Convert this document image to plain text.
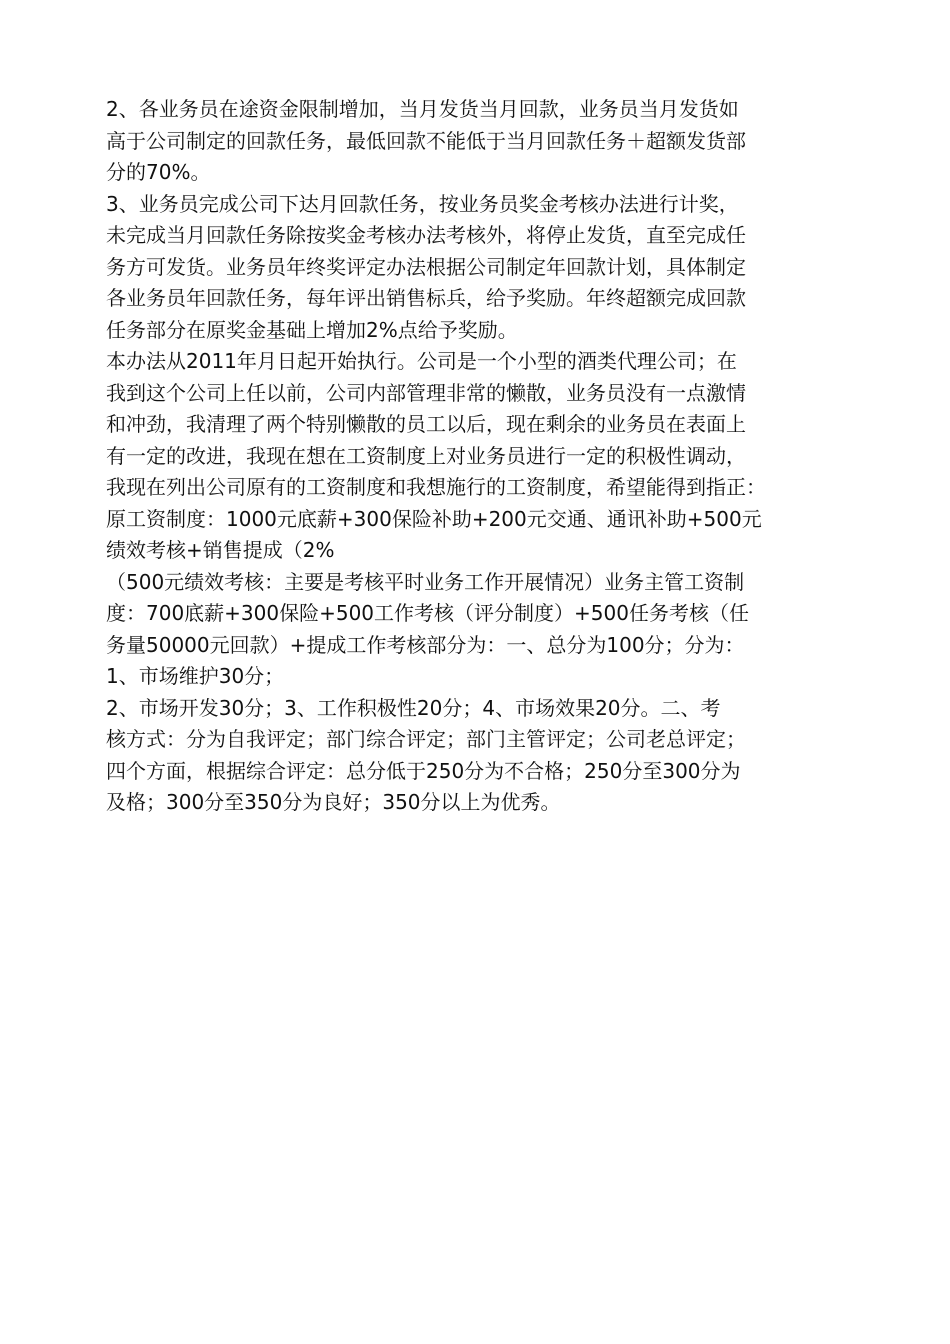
2、各业务员在途资金限制增加，当月发货当月回款，业务员当月发货如
高于公司制定的回款任务，最低回款不能低于当月回款任务＋超额发货部
分的70%。
3、业务员完成公司下达月回款任务，按业务员奖金考核办法进行计奖，
未完成当月回款任务除按奖金考核办法考核外，将停止发货，直至完成任
务方可发货。业务员年终奖评定办法根据公司制定年回款计划，具体制定
各业务员年回款任务，每年评出销售标兵，给予奖励。年终超额完成回款
任务部分在原奖金基础上增加2%点给予奖励。
本办法从2011年月日起开始执行。公司是一个小型的酒类代理公司；在
我到这个公司上任以前，公司内部管理非常的懒散，业务员没有一点激情
和冲劲，我清理了两个特别懒散的员工以后，现在剩余的业务员在表面上
有一定的改进，我现在想在工资制度上对业务员进行一定的积极性调动，
我现在列出公司原有的工资制度和我想施行的工资制度，希望能得到指正：
原工资制度：1000元底薪+300保险补助+200元交通、通讯补助+500元
绩效考核+销售提成（2%
（500元绩效考核：主要是考核平时业务工作开展情况）业务主管工资制
度：700底薪+300保险+500工作考核（评分制度）+500任务考核（任
务量50000元回款）+提成工作考核部分为：一、总分为100分；分为：
1、市场维护30分；
2、市场开发30分；3、工作积极性20分；4、市场效果20分。二、考
核方式：分为自我评定；部门综合评定；部门主管评定；公司老总评定；
四个方面，根据综合评定：总分低于250分为不合格；250分至300分为
及格；300分至350分为良好；350分以上为优秀。
